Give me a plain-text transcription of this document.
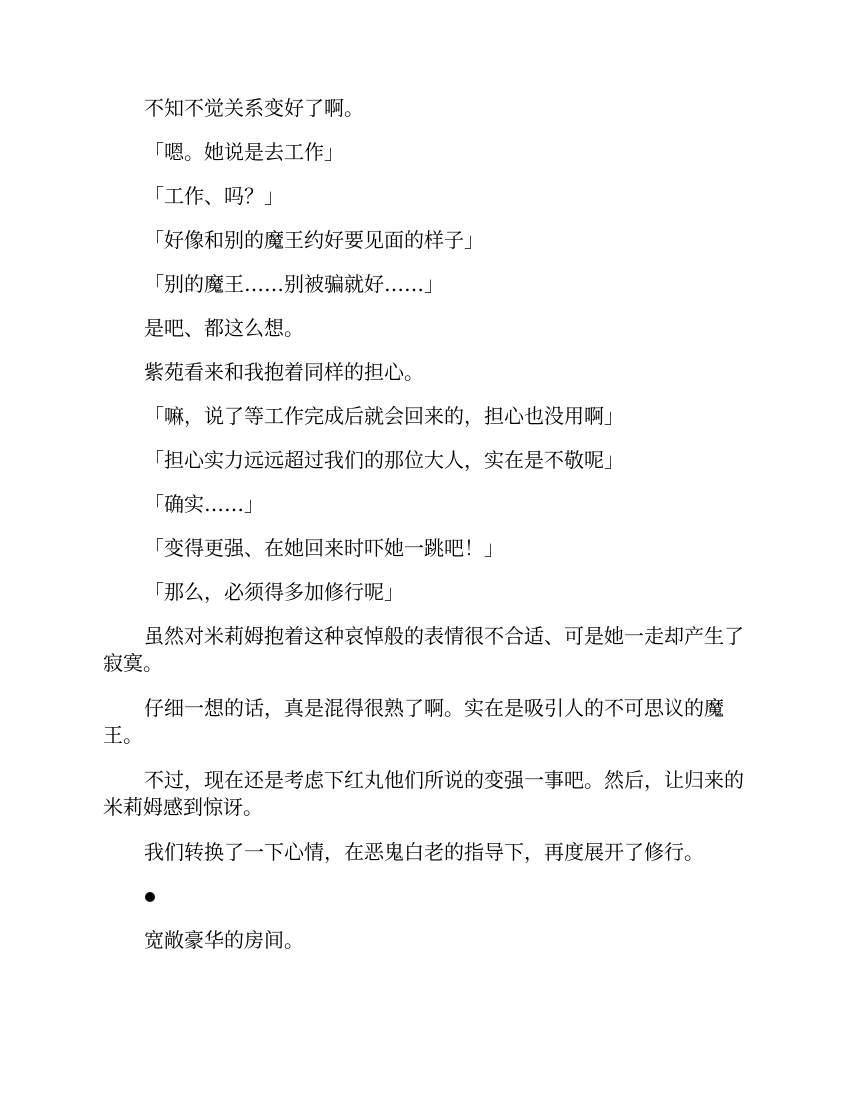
不知不觉关系变好了啊。

「嗯。她说是去工作」

「工作、吗？」

「好像和别的魔王约好要见面的样子」

「别的魔王……别被骗就好……」

是吧、都这么想。

紫苑看来和我抱着同样的担心。

「嘛，说了等工作完成后就会回来的，担心也没用啊」

「担心实力远远超过我们的那位大人，实在是不敬呢」

「确实……」

「变得更强、在她回来时吓她一跳吧！」

「那么，必须得多加修行呢」

虽然对米莉姆抱着这种哀悼般的表情很不合适、可是她一走却产生了寂寞。

仔细一想的话，真是混得很熟了啊。实在是吸引人的不可思议的魔王。

不过，现在还是考虑下红丸他们所说的变强一事吧。然后，让归来的米莉姆感到惊讶。

我们转换了一下心情，在恶鬼白老的指导下，再度展开了修行。

宽敞豪华的房间。
